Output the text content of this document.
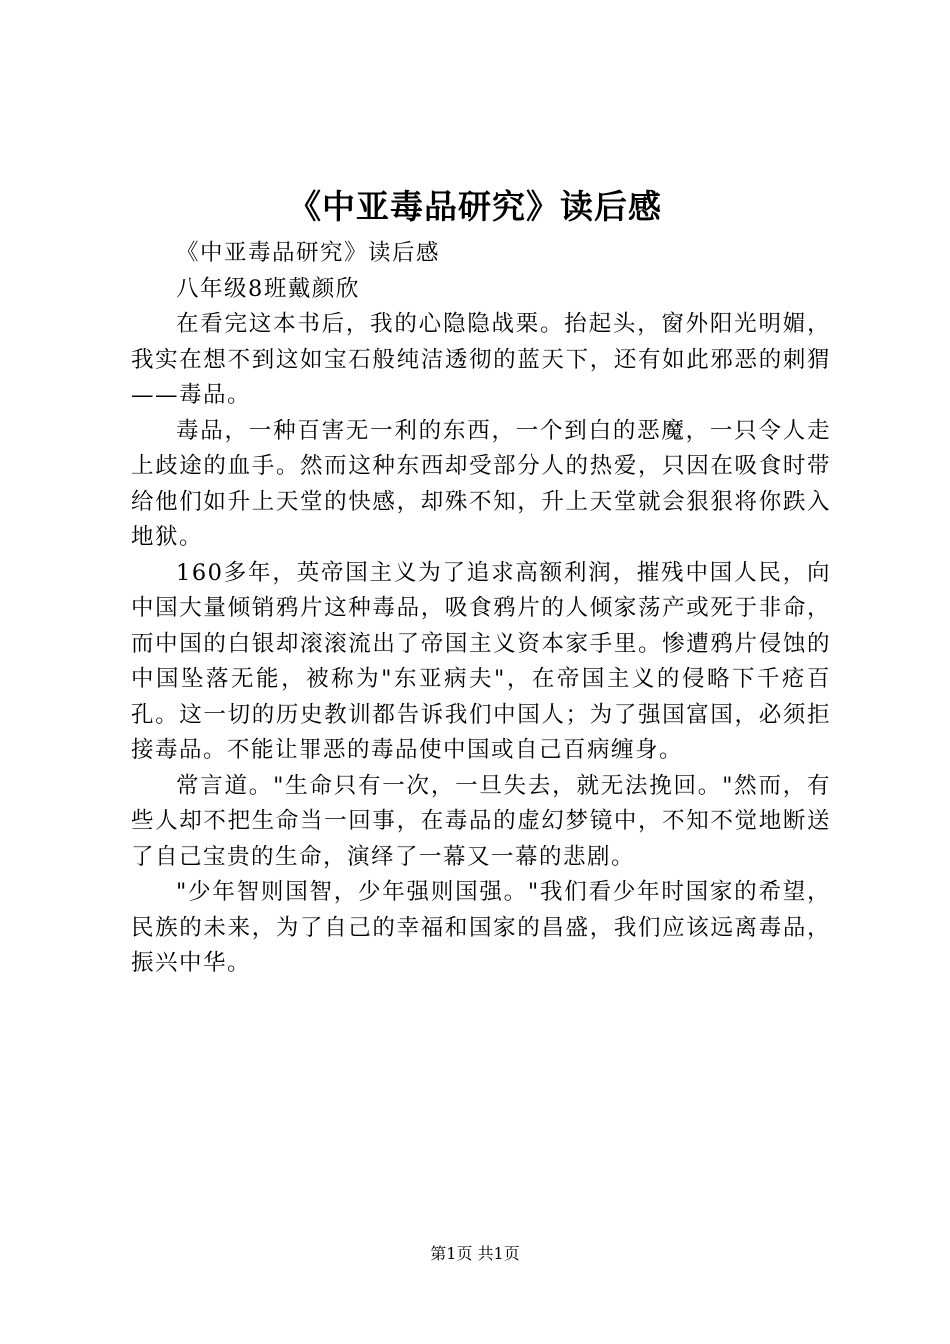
《中亚毒品研究》读后感

《中亚毒品研究》读后感

八年级8班戴颜欣

在看完这本书后，我的心隐隐战栗。抬起头，窗外阳光明媚，我实在想不到这如宝石般纯洁透彻的蓝天下，还有如此邪恶的刺猬——毒品。

毒品，一种百害无一利的东西，一个到白的恶魔，一只令人走上歧途的血手。然而这种东西却受部分人的热爱，只因在吸食时带给他们如升上天堂的快感，却殊不知，升上天堂就会狠狠将你跌入地狱。

160多年，英帝国主义为了追求高额利润，摧残中国人民，向中国大量倾销鸦片这种毒品，吸食鸦片的人倾家荡产或死于非命，而中国的白银却滚滚流出了帝国主义资本家手里。惨遭鸦片侵蚀的中国坠落无能，被称为"东亚病夫"，在帝国主义的侵略下千疮百孔。这一切的历史教训都告诉我们中国人；为了强国富国，必须拒接毒品。不能让罪恶的毒品使中国或自己百病缠身。

常言道。"生命只有一次，一旦失去，就无法挽回。"然而，有些人却不把生命当一回事，在毒品的虚幻梦镜中，不知不觉地断送了自己宝贵的生命，演绎了一幕又一幕的悲剧。

"少年智则国智，少年强则国强。"我们看少年时国家的希望，民族的未来，为了自己的幸福和国家的昌盛，我们应该远离毒品，振兴中华。

第1页 共1页
